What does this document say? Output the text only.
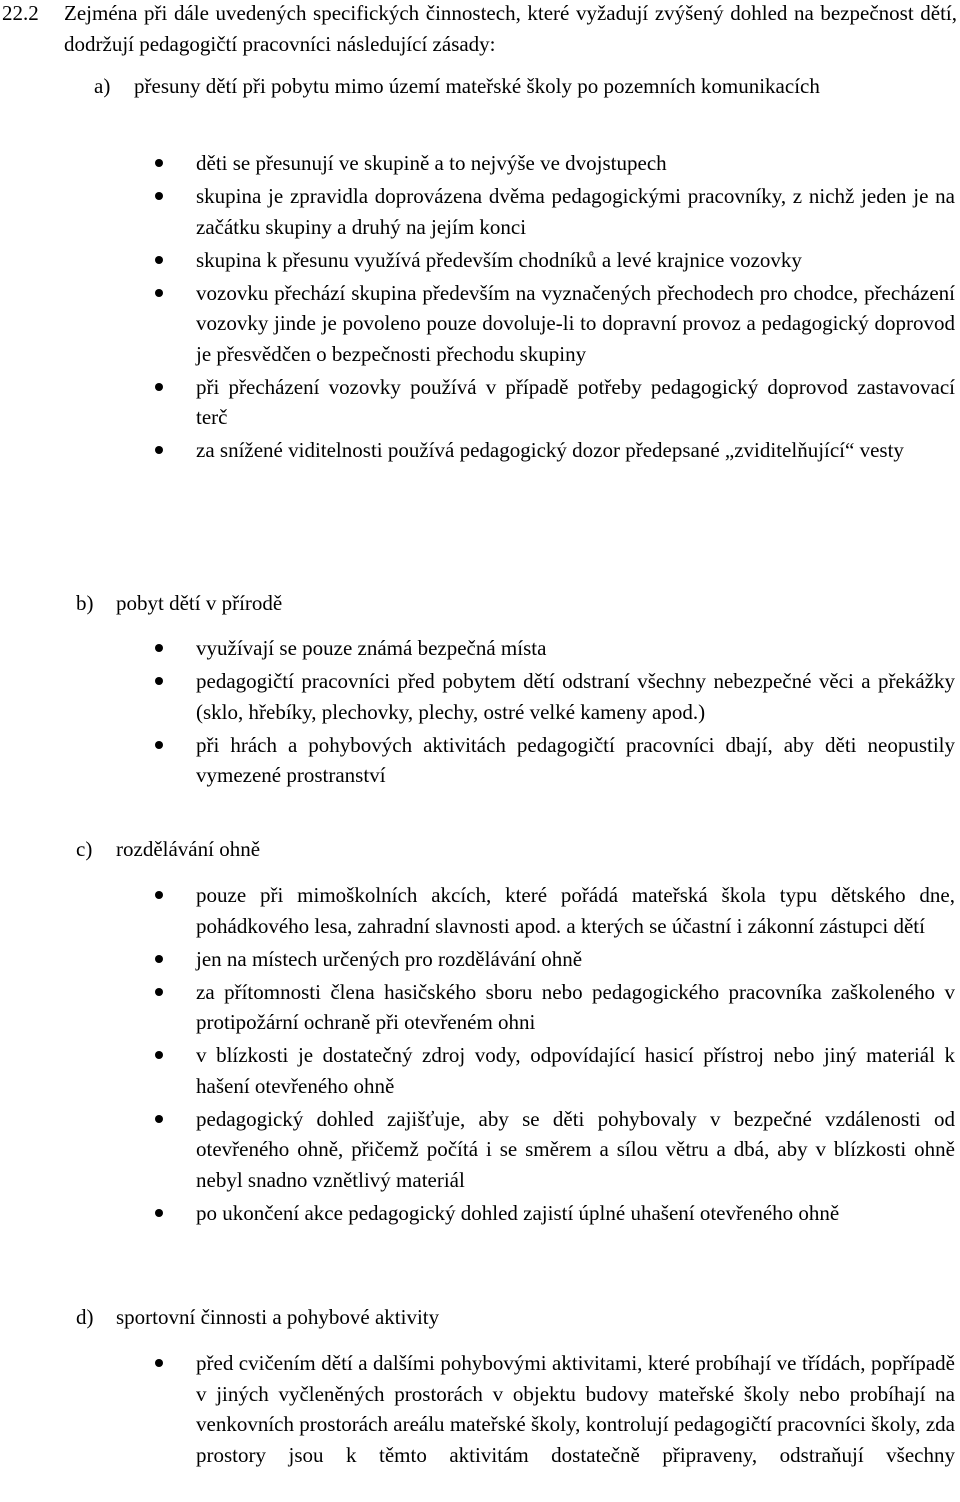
22.2 Zejména při dále uvedených specifických činnostech, které vyžadují zvýšený dohled na bezpečnost dětí, dodržují pedagogičtí pracovníci následující zásady:
a) přesuny dětí při pobytu mimo území mateřské školy po pozemních komunikacích
děti se přesunují ve skupině a to nejvýše ve dvojstupech
skupina je zpravidla doprovázena dvěma pedagogickými pracovníky, z nichž jeden je na začátku skupiny a druhý na jejím konci
skupina k přesunu využívá především chodníků a levé krajnice vozovky
vozovku přechází skupina především na vyznačených přechodech pro chodce, přecházení vozovky jinde je povoleno pouze dovoluje-li to dopravní provoz a pedagogický doprovod je přesvědčen o bezpečnosti přechodu skupiny
při přecházení vozovky používá v případě potřeby pedagogický doprovod zastavovací terč
za snížené viditelnosti používá pedagogický dozor předepsané „zviditelňující“ vesty
b) pobyt dětí v přírodě
využívají se pouze známá bezpečná místa
pedagogičtí pracovníci před pobytem dětí odstraní všechny nebezpečné věci a překážky (sklo, hřebíky, plechovky, plechy, ostré velké kameny apod.)
při hrách a pohybových aktivitách pedagogičtí pracovníci dbají, aby děti neopustily vymezené prostranství
c) rozdělávání ohně
pouze při mimoškolních akcích, které pořádá mateřská škola typu dětského dne, pohádkového lesa, zahradní slavnosti apod. a kterých se účastní i zákonní zástupci dětí
jen na místech určených pro rozdělávání ohně
za přítomnosti člena hasičského sboru nebo pedagogického pracovníka zaškoleného v protipožární ochraně při otevřeném ohni
v blízkosti je dostatečný zdroj vody, odpovídající hasicí přístroj nebo jiný materiál k hašení otevřeného ohně
pedagogický dohled zajišťuje, aby se děti pohybovaly v bezpečné vzdálenosti od otevřeného ohně, přičemž počítá i se směrem a sílou větru a dbá, aby v blízkosti ohně nebyl snadno vznětlivý materiál
po ukončení akce pedagogický dohled zajistí úplné uhašení otevřeného ohně
d) sportovní činnosti a pohybové aktivity
před cvičením dětí a dalšími pohybovými aktivitami, které probíhají ve třídách, popřípadě v jiných vyčleněných prostorách v objektu budovy mateřské školy nebo probíhají na venkovních prostorách areálu mateřské školy, kontrolují pedagogičtí pracovníci školy, zda prostory jsou k těmto aktivitám dostatečně připraveny, odstraňují všechny
